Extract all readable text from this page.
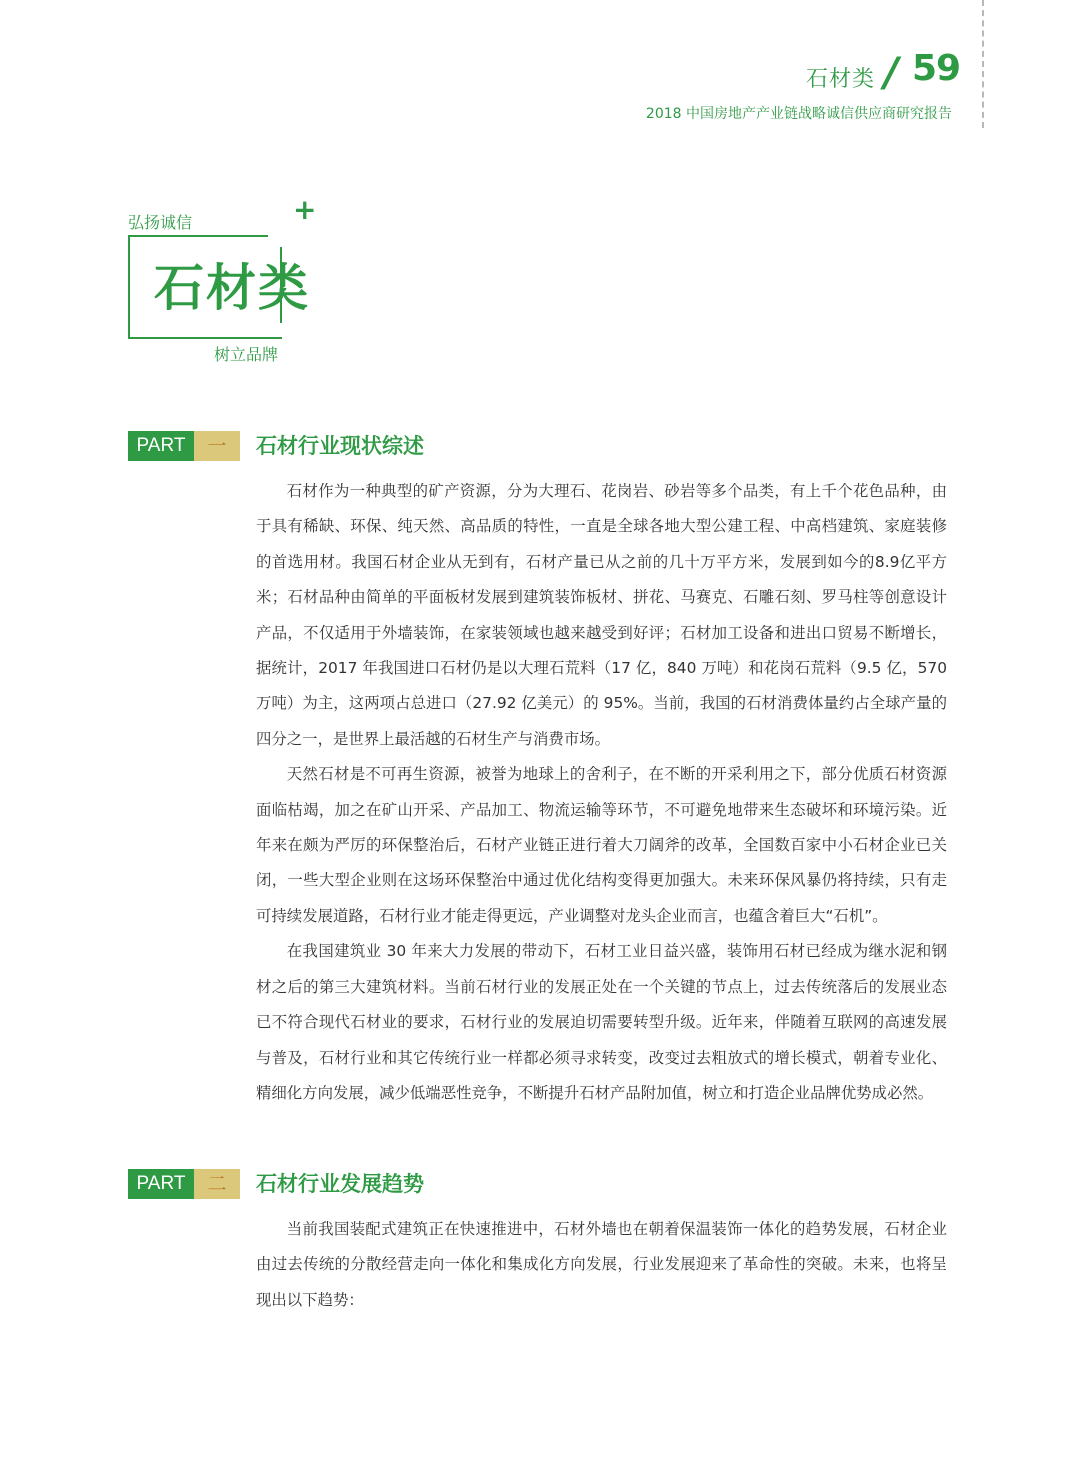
石材类 / 59
2018 中国房地产产业链战略诚信供应商研究报告
弘扬诚信	+
石材类
树立品牌
PART	一	石材行业现状综述

石材作为一种典型的矿产资源，分为大理石、花岗岩、砂岩等多个品类，有上千个花色品种，由于具有稀缺、环保、纯天然、高品质的特性，一直是全球各地大型公建工程、中高档建筑、家庭装修的首选用材。我国石材企业从无到有，石材产量已从之前的几十万平方米，发展到如今的8.9亿平方米；石材品种由简单的平面板材发展到建筑装饰板材、拼花、马赛克、石雕石刻、罗马柱等创意设计产品，不仅适用于外墙装饰，在家装领域也越来越受到好评；石材加工设备和进出口贸易不断增长，据统计，2017 年我国进口石材仍是以大理石荒料（17 亿，840 万吨）和花岗石荒料（9.5 亿，570 万吨）为主，这两项占总进口（27.92 亿美元）的 95%。当前，我国的石材消费体量约占全球产量的四分之一，是世界上最活越的石材生产与消费市场。

天然石材是不可再生资源，被誉为地球上的舍利子，在不断的开采利用之下，部分优质石材资源面临枯竭，加之在矿山开采、产品加工、物流运输等环节，不可避免地带来生态破坏和环境污染。近年来在颇为严厉的环保整治后，石材产业链正进行着大刀阔斧的改革，全国数百家中小石材企业已关闭，一些大型企业则在这场环保整治中通过优化结构变得更加强大。未来环保风暴仍将持续，只有走可持续发展道路，石材行业才能走得更远，产业调整对龙头企业而言，也蕴含着巨大“石机”。

在我国建筑业 30 年来大力发展的带动下，石材工业日益兴盛，装饰用石材已经成为继水泥和钢材之后的第三大建筑材料。当前石材行业的发展正处在一个关键的节点上，过去传统落后的发展业态已不符合现代石材业的要求，石材行业的发展迫切需要转型升级。近年来，伴随着互联网的高速发展与普及，石材行业和其它传统行业一样都必须寻求转变，改变过去粗放式的增长模式，朝着专业化、精细化方向发展，减少低端恶性竞争，不断提升石材产品附加值，树立和打造企业品牌优势成必然。

PART	二	石材行业发展趋势

当前我国装配式建筑正在快速推进中，石材外墙也在朝着保温装饰一体化的趋势发展，石材企业由过去传统的分散经营走向一体化和集成化方向发展，行业发展迎来了革命性的突破。未来，也将呈现出以下趋势：
